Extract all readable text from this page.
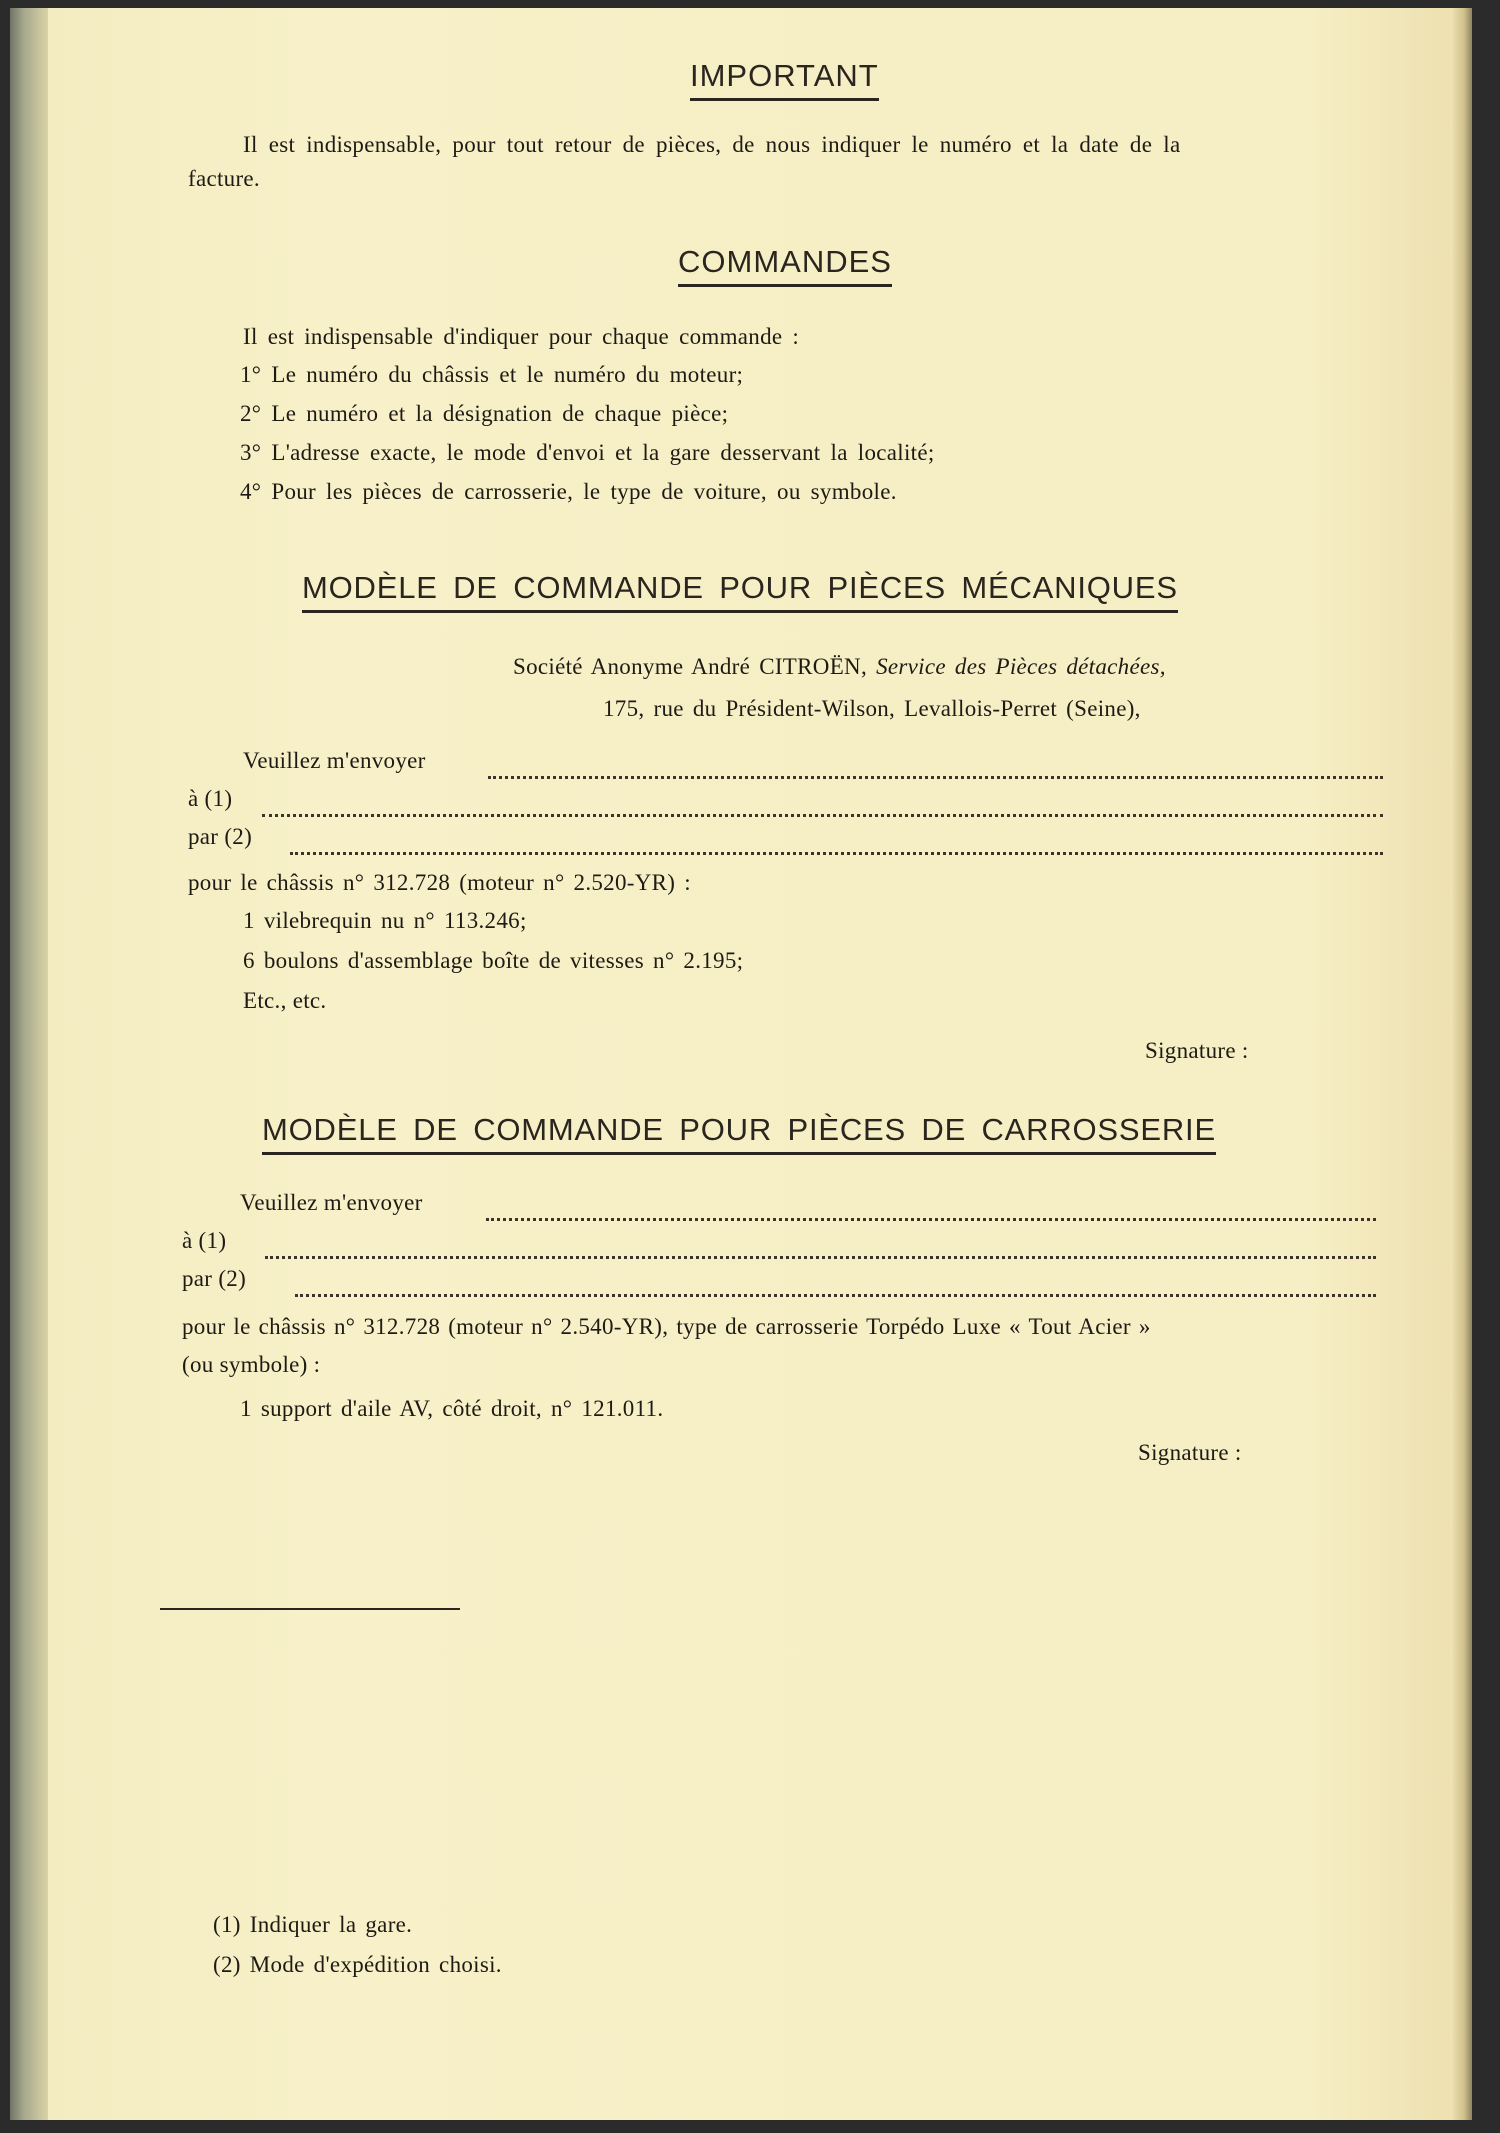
IMPORTANT
Il est indispensable, pour tout retour de pièces, de nous indiquer le numéro et la date de la
facture.
COMMANDES
Il est indispensable d'indiquer pour chaque commande :
1° Le numéro du châssis et le numéro du moteur;
2° Le numéro et la désignation de chaque pièce;
3° L'adresse exacte, le mode d'envoi et la gare desservant la localité;
4° Pour les pièces de carrosserie, le type de voiture, ou symbole.
MODÈLE DE COMMANDE POUR PIÈCES MÉCANIQUES
Société Anonyme André CITROËN, Service des Pièces détachées,
175, rue du Président-Wilson, Levallois-Perret (Seine),
Veuillez m'envoyer
à (1)
par (2)
pour le châssis n° 312.728 (moteur n° 2.520-YR) :
1 vilebrequin nu n° 113.246;
6 boulons d'assemblage boîte de vitesses n° 2.195;
Etc., etc.
Signature :
MODÈLE DE COMMANDE POUR PIÈCES DE CARROSSERIE
Veuillez m'envoyer
à (1)
par (2)
pour le châssis n° 312.728 (moteur n° 2.540-YR), type de carrosserie Torpédo Luxe « Tout Acier »
(ou symbole) :
1 support d'aile AV, côté droit, n° 121.011.
Signature :
(1) Indiquer la gare.
(2) Mode d'expédition choisi.
